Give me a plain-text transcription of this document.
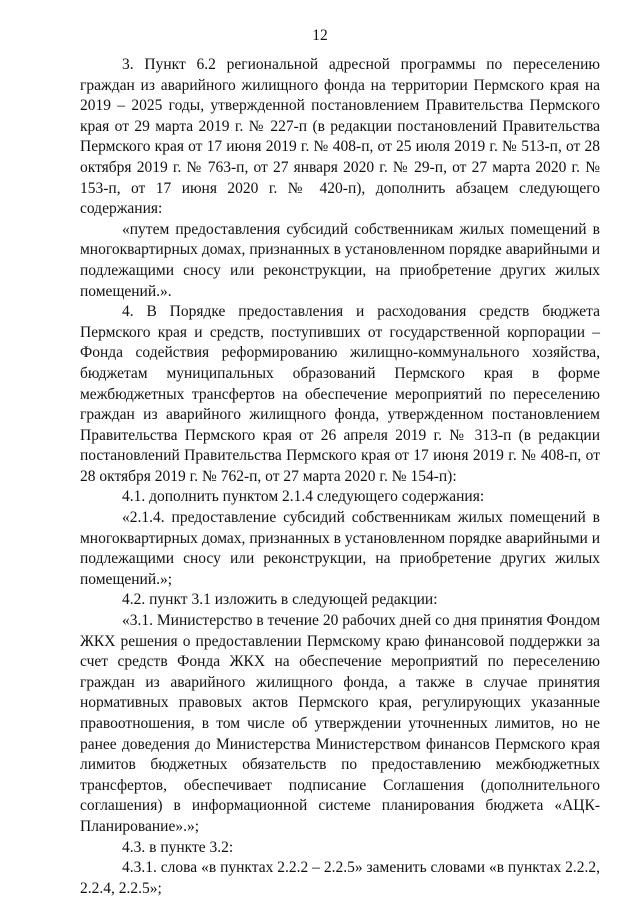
12

3. Пункт 6.2 региональной адресной программы по переселению граждан из аварийного жилищного фонда на территории Пермского края на 2019 – 2025 годы, утвержденной постановлением Правительства Пермского края от 29 марта 2019 г. № 227-п (в редакции постановлений Правительства Пермского края от 17 июня 2019 г. № 408-п, от 25 июля 2019 г. № 513-п, от 28 октября 2019 г. № 763-п, от 27 января 2020 г. № 29-п, от 27 марта 2020 г. № 153-п, от 17 июня 2020 г. № 420-п), дополнить абзацем следующего содержания:

«путем предоставления субсидий собственникам жилых помещений в многоквартирных домах, признанных в установленном порядке аварийными и подлежащими сносу или реконструкции, на приобретение других жилых помещений.».

4. В Порядке предоставления и расходования средств бюджета Пермского края и средств, поступивших от государственной корпорации – Фонда содействия реформированию жилищно-коммунального хозяйства, бюджетам муниципальных образований Пермского края в форме межбюджетных трансфертов на обеспечение мероприятий по переселению граждан из аварийного жилищного фонда, утвержденном постановлением Правительства Пермского края от 26 апреля 2019 г. № 313-п (в редакции постановлений Правительства Пермского края от 17 июня 2019 г. № 408-п, от 28 октября 2019 г. № 762-п, от 27 марта 2020 г. № 154-п):

4.1. дополнить пунктом 2.1.4 следующего содержания:

«2.1.4. предоставление субсидий собственникам жилых помещений в многоквартирных домах, признанных в установленном порядке аварийными и подлежащими сносу или реконструкции, на приобретение других жилых помещений.»;

4.2. пункт 3.1 изложить в следующей редакции:

«3.1. Министерство в течение 20 рабочих дней со дня принятия Фондом ЖКХ решения о предоставлении Пермскому краю финансовой поддержки за счет средств Фонда ЖКХ на обеспечение мероприятий по переселению граждан из аварийного жилищного фонда, а также в случае принятия нормативных правовых актов Пермского края, регулирующих указанные правоотношения, в том числе об утверждении уточненных лимитов, но не ранее доведения до Министерства Министерством финансов Пермского края лимитов бюджетных обязательств по предоставлению межбюджетных трансфертов, обеспечивает подписание Соглашения (дополнительного соглашения) в информационной системе планирования бюджета «АЦК-Планирование».»;

4.3. в пункте 3.2:

4.3.1. слова «в пунктах 2.2.2 – 2.2.5» заменить словами «в пунктах 2.2.2, 2.2.4, 2.2.5»;
